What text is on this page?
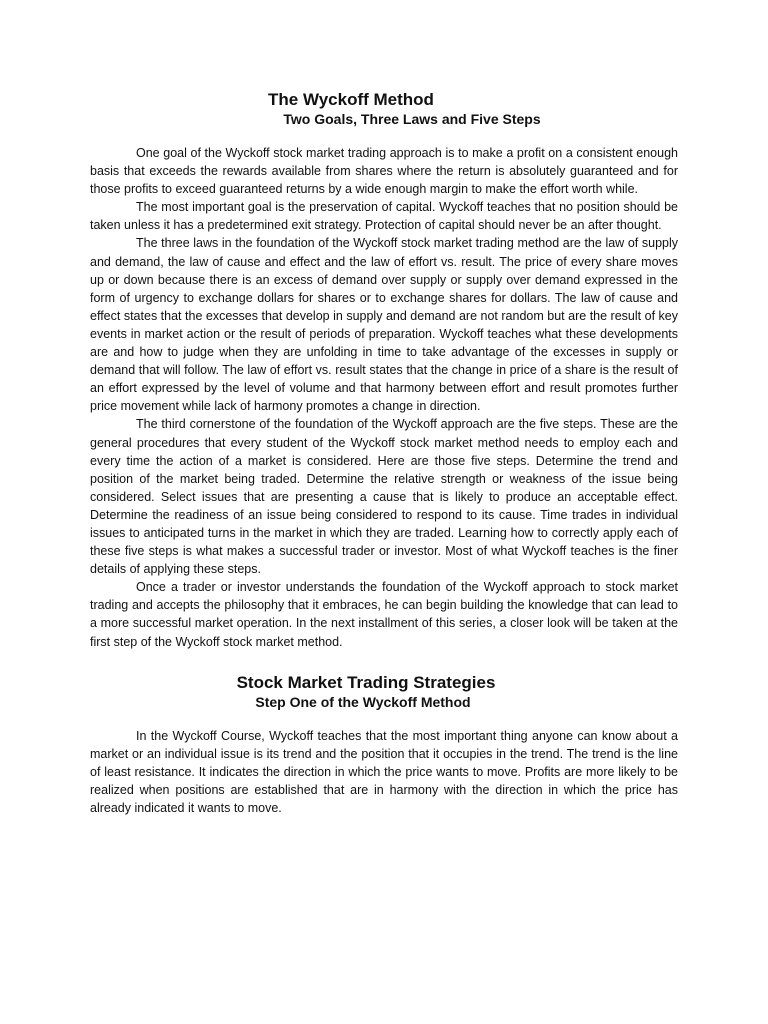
The Wyckoff Method
Two Goals, Three Laws and Five Steps

One goal of the Wyckoff stock market trading approach is to make a profit on a consistent enough basis that exceeds the rewards available from shares where the return is absolutely guaranteed and for those profits to exceed guaranteed returns by a wide enough margin to make the effort worth while.

The most important goal is the preservation of capital. Wyckoff teaches that no position should be taken unless it has a predetermined exit strategy. Protection of capital should never be an after thought.

The three laws in the foundation of the Wyckoff stock market trading method are the law of supply and demand, the law of cause and effect and the law of effort vs. result. The price of every share moves up or down because there is an excess of demand over supply or supply over demand expressed in the form of urgency to exchange dollars for shares or to exchange shares for dollars. The law of cause and effect states that the excesses that develop in supply and demand are not random but are the result of key events in market action or the result of periods of preparation. Wyckoff teaches what these developments are and how to judge when they are unfolding in time to take advantage of the excesses in supply or demand that will follow. The law of effort vs. result states that the change in price of a share is the result of an effort expressed by the level of volume and that harmony between effort and result promotes further price movement while lack of harmony promotes a change in direction.

The third cornerstone of the foundation of the Wyckoff approach are the five steps. These are the general procedures that every student of the Wyckoff stock market method needs to employ each and every time the action of a market is considered. Here are those five steps. Determine the trend and position of the market being traded. Determine the relative strength or weakness of the issue being considered. Select issues that are presenting a cause that is likely to produce an acceptable effect. Determine the readiness of an issue being considered to respond to its cause. Time trades in individual issues to anticipated turns in the market in which they are traded. Learning how to correctly apply each of these five steps is what makes a successful trader or investor. Most of what Wyckoff teaches is the finer details of applying these steps.

Once a trader or investor understands the foundation of the Wyckoff approach to stock market trading and accepts the philosophy that it embraces, he can begin building the knowledge that can lead to a more successful market operation. In the next installment of this series, a closer look will be taken at the first step of the Wyckoff stock market method.

Stock Market Trading Strategies
Step One of the Wyckoff Method

In the Wyckoff Course, Wyckoff teaches that the most important thing anyone can know about a market or an individual issue is its trend and the position that it occupies in the trend. The trend is the line of least resistance. It indicates the direction in which the price wants to move. Profits are more likely to be realized when positions are established that are in harmony with the direction in which the price has already indicated it wants to move.
